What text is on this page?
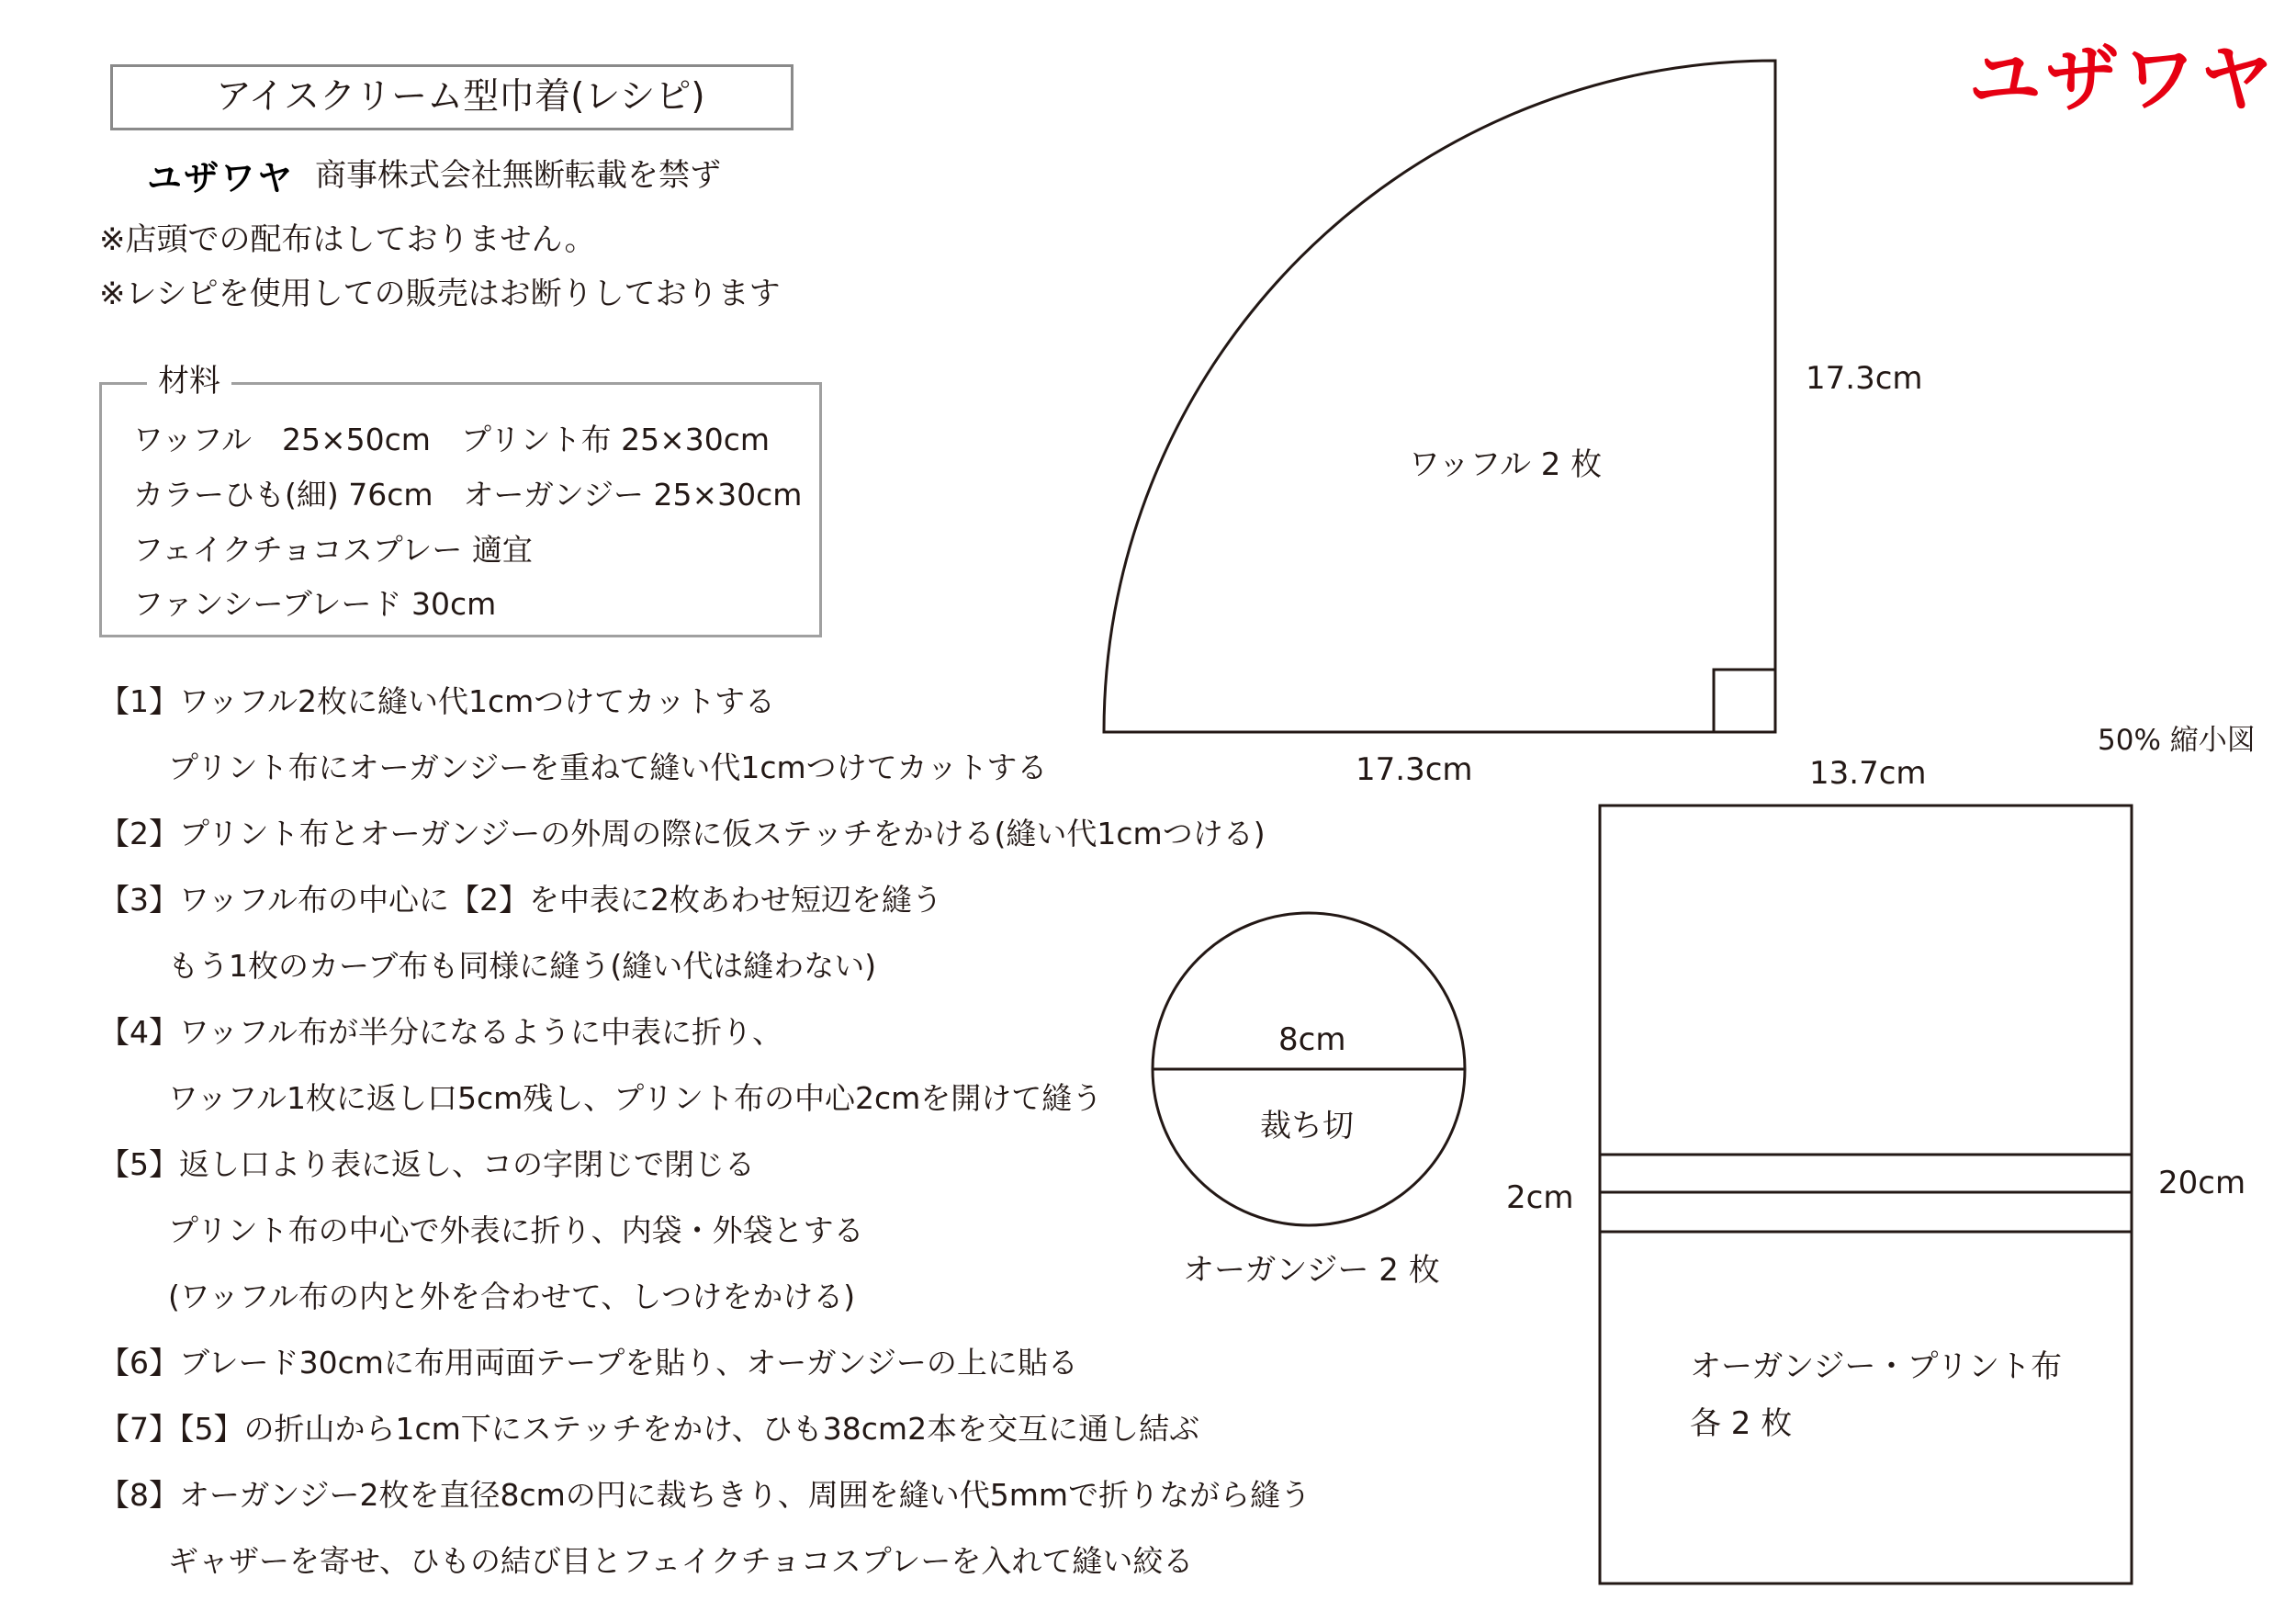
アイスクリーム型巾着(レシピ)
ユザワヤ 商事株式会社無断転載を禁ず
※店頭での配布はしておりません。
※レシピを使用しての販売はお断りしております
ユザワヤ
材料
ワッフル　25×50cm　プリント布 25×30cm
カラーひも(細) 76cm　オーガンジー 25×30cm
フェイクチョコスプレー 適宜
ファンシーブレード 30cm
【1】ワッフル2枚に縫い代1cmつけてカットする
プリント布にオーガンジーを重ねて縫い代1cmつけてカットする
【2】プリント布とオーガンジーの外周の際に仮ステッチをかける(縫い代1cmつける)
【3】ワッフル布の中心に【2】を中表に2枚あわせ短辺を縫う
もう1枚のカーブ布も同様に縫う(縫い代は縫わない)
【4】ワッフル布が半分になるように中表に折り、
ワッフル1枚に返し口5cm残し、プリント布の中心2cmを開けて縫う
【5】返し口より表に返し、コの字閉じで閉じる
プリント布の中心で外表に折り、内袋・外袋とする
(ワッフル布の内と外を合わせて、しつけをかける)
【6】ブレード30cmに布用両面テープを貼り、オーガンジーの上に貼る
【7】【5】の折山から1cm下にステッチをかけ、ひも38cm2本を交互に通し結ぶ
【8】オーガンジー2枚を直径8cmの円に裁ちきり、周囲を縫い代5mmで折りながら縫う
ギャザーを寄せ、ひもの結び目とフェイクチョコスプレーを入れて縫い絞る
ワッフル 2 枚
17.3cm
17.3cm
50% 縮小図
13.7cm
8cm
裁ち切
オーガンジー 2 枚
2cm	20cm
オーガンジー・プリント布
各 2 枚
